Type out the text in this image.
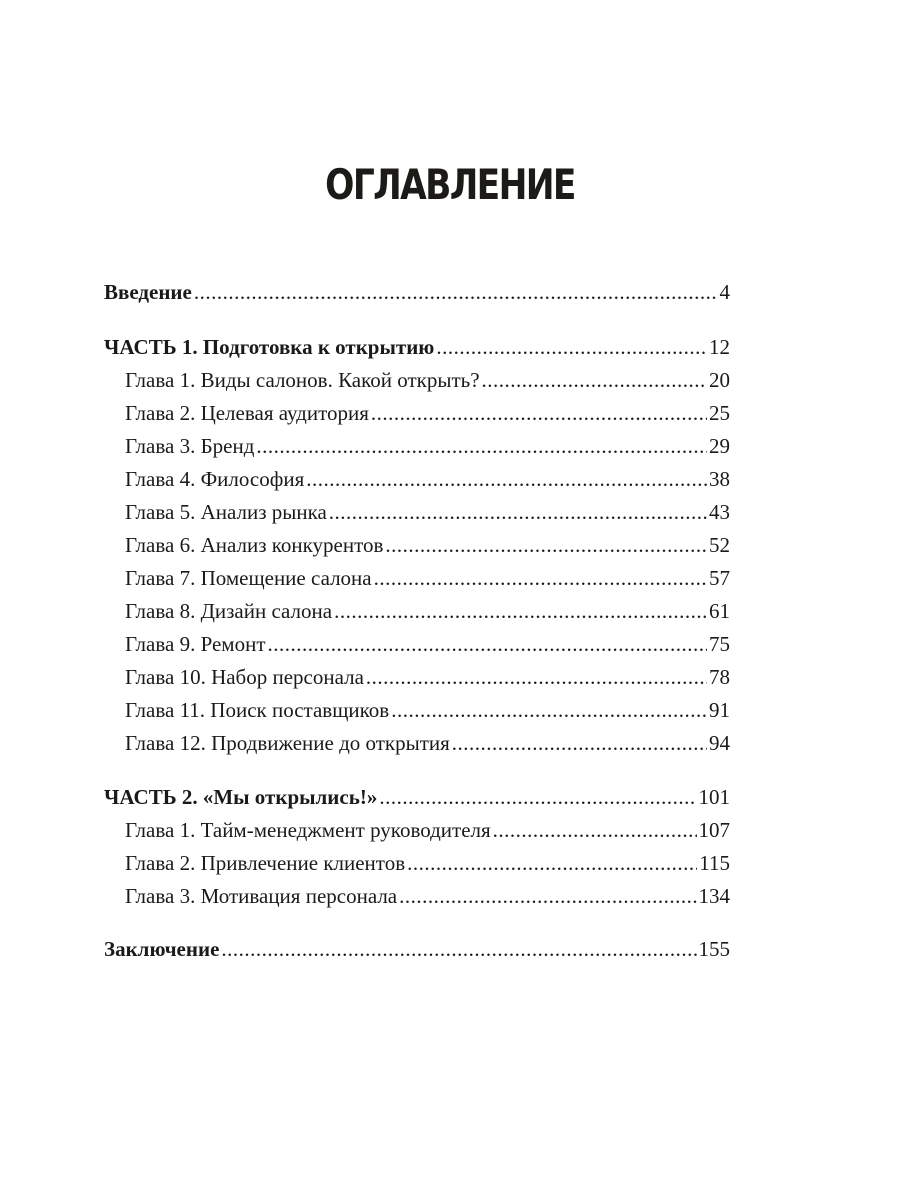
ОГЛАВЛЕНИЕ
Введение .....	4
ЧАСТЬ 1. Подготовка к открытию .....	12
Глава 1. Виды салонов. Какой открыть? .....	20
Глава 2. Целевая аудитория .....	25
Глава 3. Бренд .....	29
Глава 4. Философия .....	38
Глава 5. Анализ рынка .....	43
Глава 6. Анализ конкурентов .....	52
Глава 7. Помещение салона .....	57
Глава 8. Дизайн салона .....	61
Глава 9. Ремонт .....	75
Глава 10. Набор персонала .....	78
Глава 11. Поиск поставщиков .....	91
Глава 12. Продвижение до открытия .....	94
ЧАСТЬ 2. «Мы открылись!» .....	101
Глава 1. Тайм-менеджмент руководителя .....	107
Глава 2. Привлечение клиентов .....	115
Глава 3. Мотивация персонала .....	134
Заключение .....	155
